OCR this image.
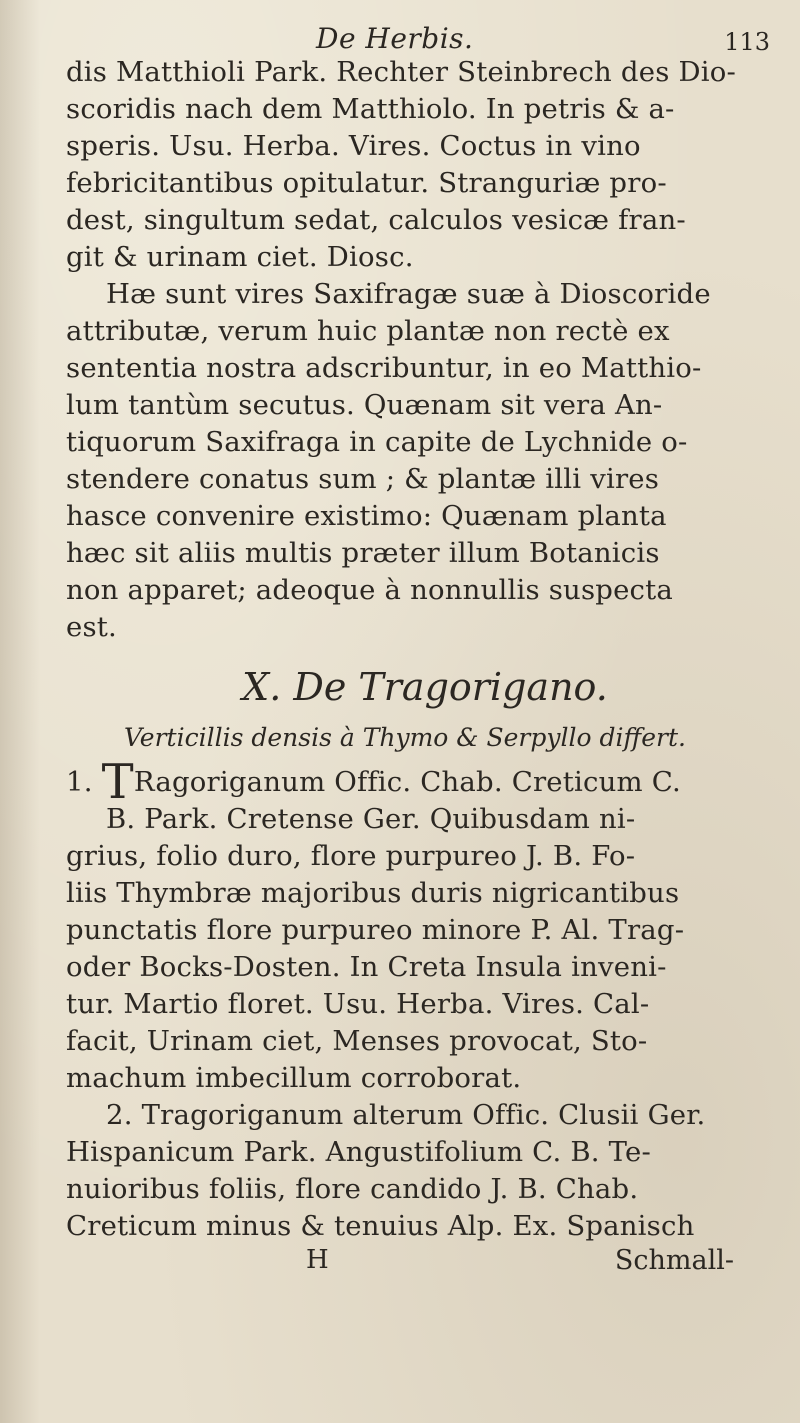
De Herbis.	113
dis Matthioli Park. Rechter Steinbrech des Dio-
scoridis nach dem Matthiolo. In petris & a-
speris. Usu. Herba. Vires. Coctus in vino
febricitantibus opitulatur. Stranguriæ pro-
dest, singultum sedat, calculos vesicæ fran-
git & urinam ciet. Diosc.
Hæ sunt vires Saxifragæ suæ à Dioscoride
attributæ, verum huic plantæ non rectè ex
sententia nostra adscribuntur, in eo Matthio-
lum tantùm secutus. Quænam sit vera An-
tiquorum Saxifraga in capite de Lychnide o-
stendere conatus sum ; & plantæ illi vires
hasce convenire existimo: Quænam planta
hæc sit aliis multis præter illum Botanicis
non apparet; adeoque à nonnullis suspecta
est.
X. De Tragorigano.
Verticillis densis à Thymo & Serpyllo differt.
1. TRagoriganum Offic. Chab. Creticum C.
B. Park. Cretense Ger. Quibusdam ni-
grius, folio duro, flore purpureo J. B. Fo-
liis Thymbræ majoribus duris nigricantibus
punctatis flore purpureo minore P. Al. Trag-
oder Bocks-Dosten. In Creta Insula inveni-
tur. Martio floret. Usu. Herba. Vires. Cal-
facit, Urinam ciet, Menses provocat, Sto-
machum imbecillum corroborat.
2. Tragoriganum alterum Offic. Clusii Ger.
Hispanicum Park. Angustifolium C. B. Te-
nuioribus foliis, flore candido J. B. Chab.
Creticum minus & tenuius Alp. Ex. Spanisch
H	Schmall-
